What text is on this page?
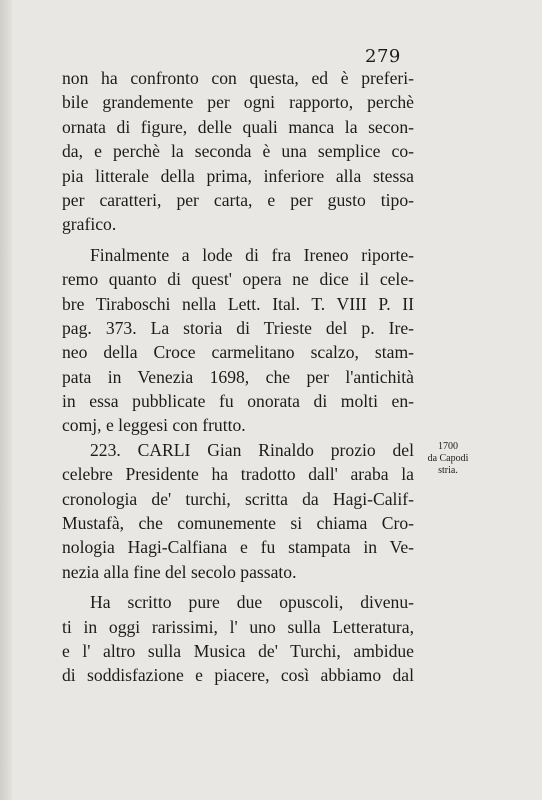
279
non ha confronto con questa, ed è preferi-
bile grandemente per ogni rapporto, perchè
ornata di figure, delle quali manca la secon-
da, e perchè la seconda è una semplice co-
pia litterale della prima, inferiore alla stessa
per caratteri, per carta, e per gusto tipo-
grafico.
Finalmente a lode di fra Ireneo riporte-
remo quanto di quest' opera ne dice il cele-
bre Tiraboschi nella Lett. Ital. T. VIII P. II
pag. 373. La storia di Trieste del p. Ire-
neo della Croce carmelitano scalzo, stam-
pata in Venezia 1698, che per l'antichità
in essa pubblicate fu onorata di molti en-
comj, e leggesi con frutto.
223. CARLI Gian Rinaldo prozio del
celebre Presidente ha tradotto dall' araba la
cronologia de' turchi, scritta da Hagi-Calif-
Mustafà, che comunemente si chiama Cro-
nologia Hagi-Calfiana e fu stampata in Ve-
nezia alla fine del secolo passato.
Ha scritto pure due opuscoli, divenu-
ti in oggi rarissimi, l' uno sulla Letteratura,
e l' altro sulla Musica de' Turchi, ambidue
di soddisfazione e piacere, così abbiamo dal
1700
da Capodi
stria.
